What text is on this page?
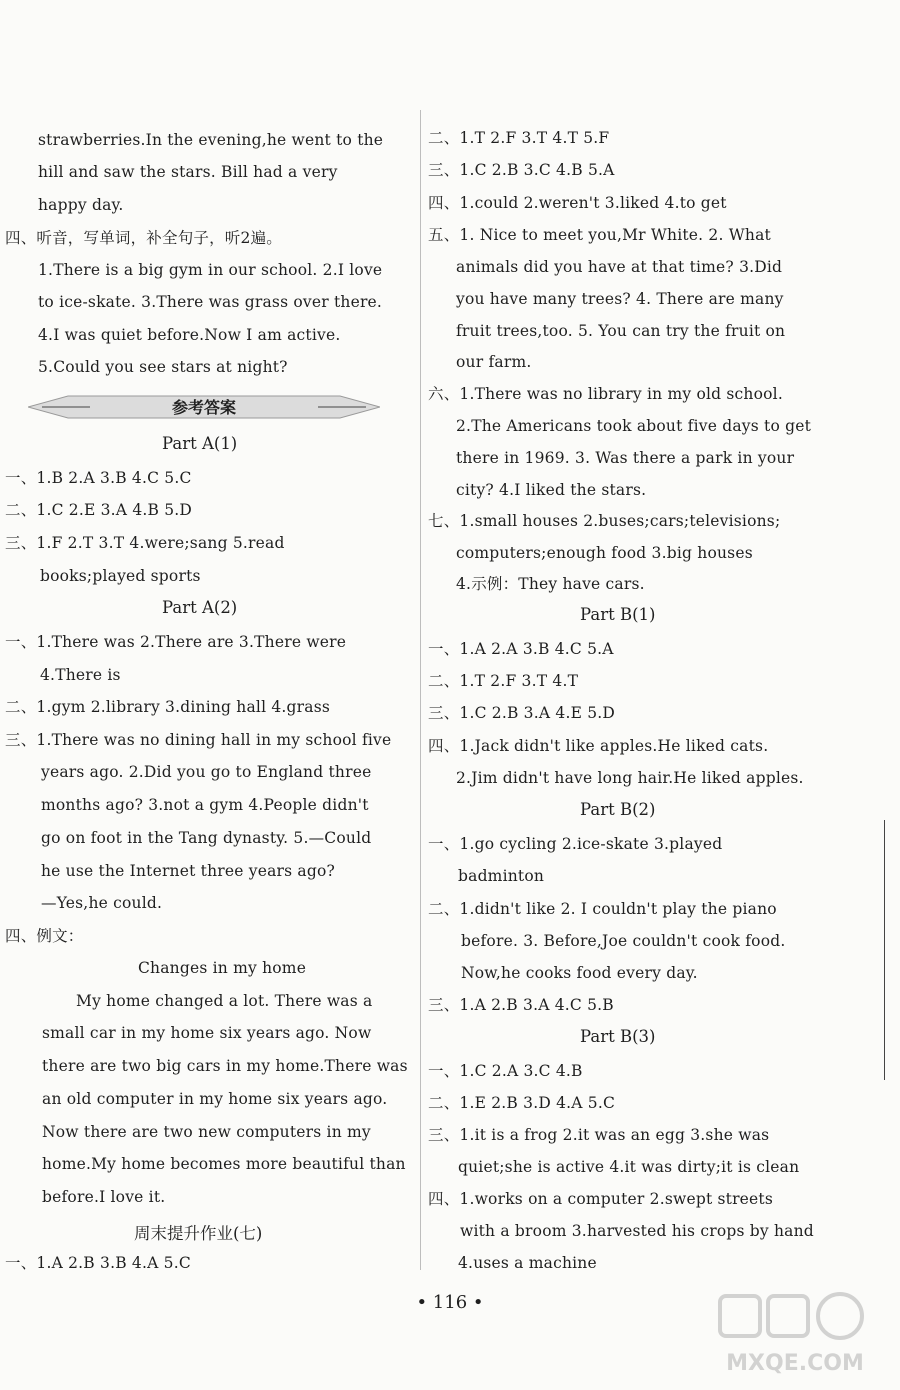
参考答案
strawberries.In the evening,he went to the
hill and saw the stars. Bill had a very
happy day.
四、听音，写单词，补全句子，听2遍。
1.There is a big gym in our school. 2.I love
to ice-skate. 3.There was grass over there.
4.I was quiet before.Now I am active.
5.Could you see stars at night?
一、1.B 2.A 3.B 4.C 5.C
二、1.C 2.E 3.A 4.B 5.D
三、1.F 2.T 3.T 4.were;sang 5.read
books;played sports
一、1.There was 2.There are 3.There were
4.There is
二、1.gym 2.library 3.dining hall 4.grass
三、1.There was no dining hall in my school five
years ago. 2.Did you go to England three
months ago? 3.not a gym 4.People didn't
go on foot in the Tang dynasty. 5.—Could
he use the Internet three years ago?
—Yes,he could.
四、例文：
Changes in my home
My home changed a lot. There was a
small car in my home six years ago. Now
there are two big cars in my home.There was
an old computer in my home six years ago.
Now there are two new computers in my
home.My home becomes more beautiful than
before.I love it.
一、1.A 2.B 3.B 4.A 5.C
Part A(1)
Part A(2)
周末提升作业(七)
二、1.T 2.F 3.T 4.T 5.F
三、1.C 2.B 3.C 4.B 5.A
四、1.could 2.weren't 3.liked 4.to get
五、1. Nice to meet you,Mr White. 2. What
animals did you have at that time? 3.Did
you have many trees? 4. There are many
fruit trees,too. 5. You can try the fruit on
our farm.
六、1.There was no library in my old school.
2.The Americans took about five days to get
there in 1969. 3. Was there a park in your
city? 4.I liked the stars.
七、1.small houses 2.buses;cars;televisions;
computers;enough food 3.big houses
4.示例：They have cars.
一、1.A 2.A 3.B 4.C 5.A
二、1.T 2.F 3.T 4.T
三、1.C 2.B 3.A 4.E 5.D
四、1.Jack didn't like apples.He liked cats.
2.Jim didn't have long hair.He liked apples.
一、1.go cycling 2.ice-skate 3.played
badminton
二、1.didn't like 2. I couldn't play the piano
before. 3. Before,Joe couldn't cook food.
Now,he cooks food every day.
三、1.A 2.B 3.A 4.C 5.B
一、1.C 2.A 3.C 4.B
二、1.E 2.B 3.D 4.A 5.C
三、1.it is a frog 2.it was an egg 3.she was
quiet;she is active 4.it was dirty;it is clean
四、1.works on a computer 2.swept streets
with a broom 3.harvested his crops by hand
4.uses a machine
Part B(1)
Part B(2)
Part B(3)
• 116 •
MXQE.COM
